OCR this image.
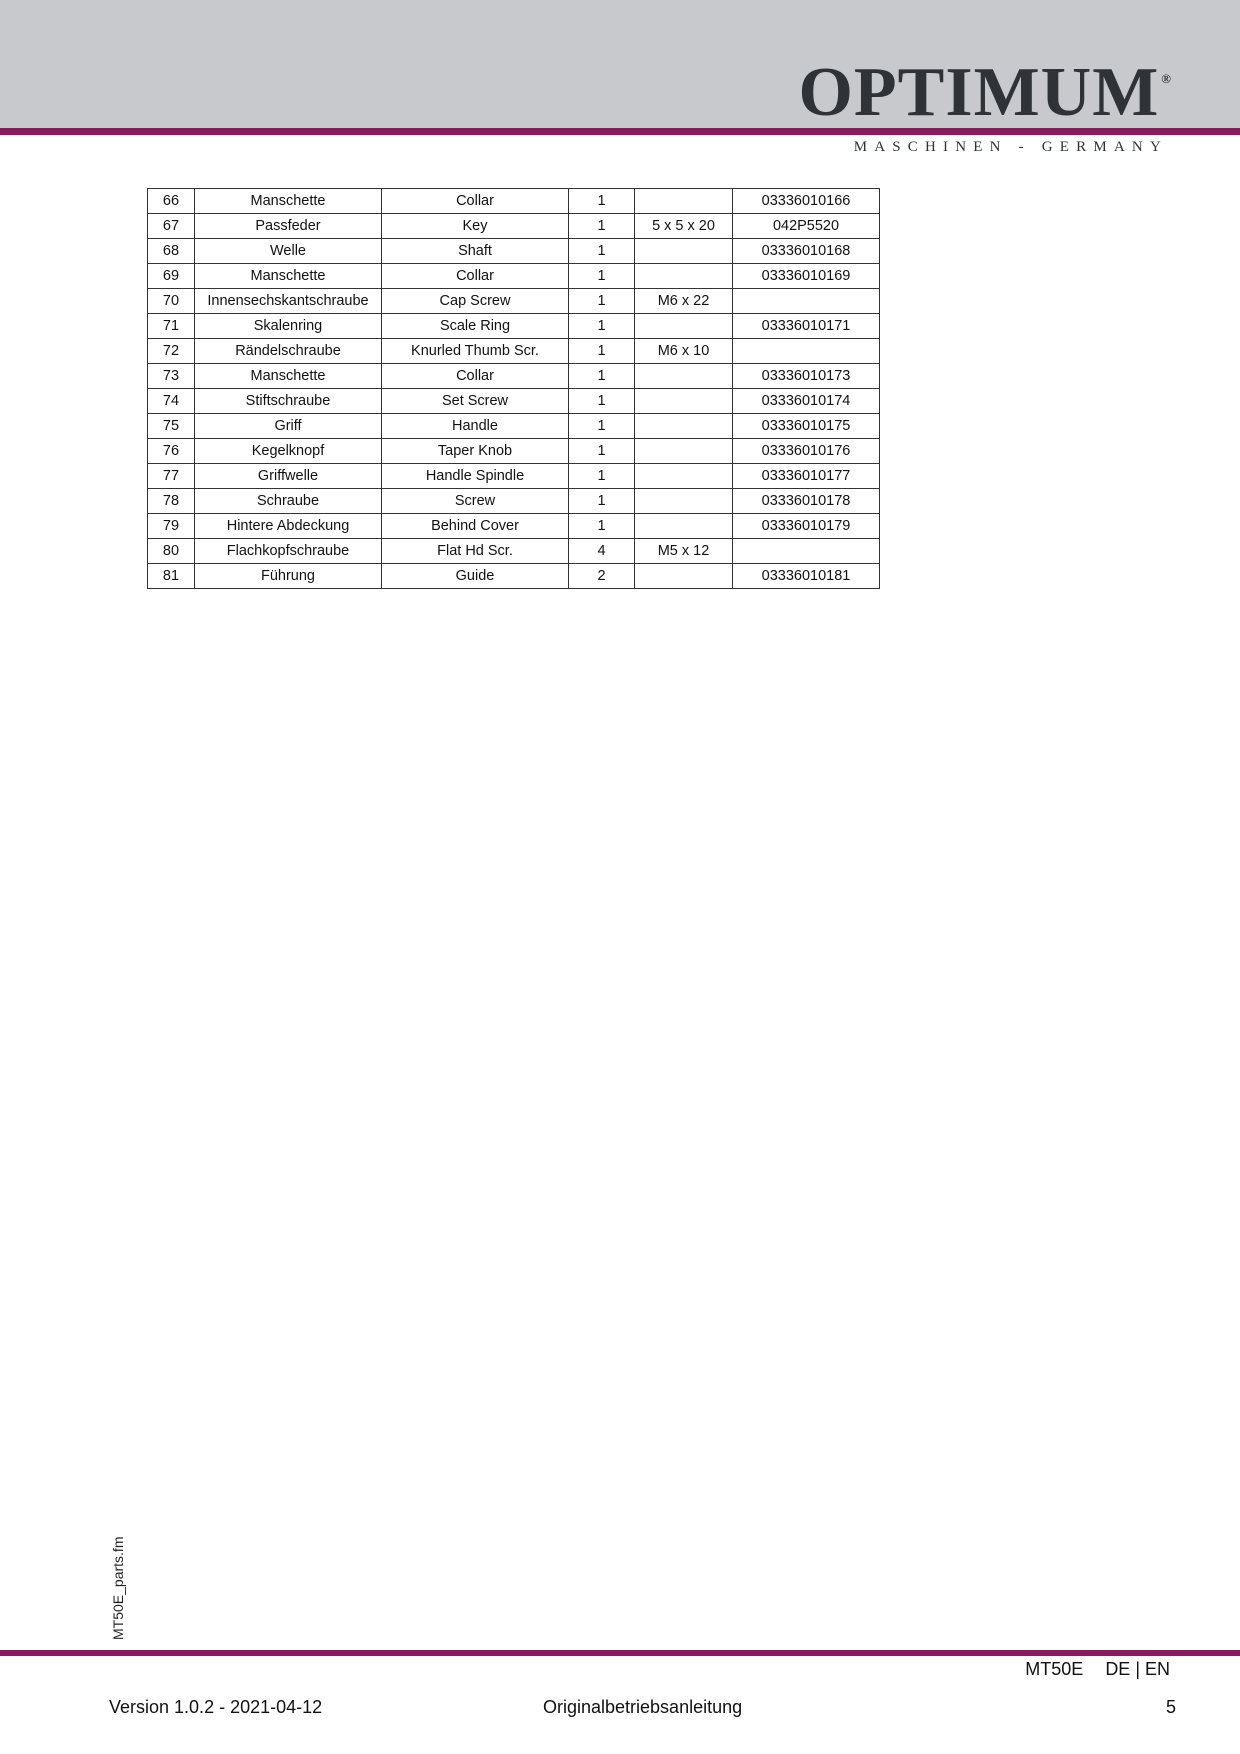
OPTIMUM ®
MASCHINEN - GERMANY
66	Manschette	Collar	1		03336010166
67	Passfeder	Key	1	5 x 5 x 20	042P5520
68	Welle	Shaft	1		03336010168
69	Manschette	Collar	1		03336010169
70	Innensechskantschraube	Cap Screw	1	M6 x 22	
71	Skalenring	Scale Ring	1		03336010171
72	Rändelschraube	Knurled Thumb Scr.	1	M6 x 10	
73	Manschette	Collar	1		03336010173
74	Stiftschraube	Set Screw	1		03336010174
75	Griff	Handle	1		03336010175
76	Kegelknopf	Taper Knob	1		03336010176
77	Griffwelle	Handle Spindle	1		03336010177
78	Schraube	Screw	1		03336010178
79	Hintere Abdeckung	Behind Cover	1		03336010179
80	Flachkopfschraube	Flat Hd Scr.	4	M5 x 12	
81	Führung	Guide	2		03336010181
MT50E_parts.fm
MT50E DE | EN
Version 1.0.2 - 2021-04-12	Originalbetriebsanleitung	5
